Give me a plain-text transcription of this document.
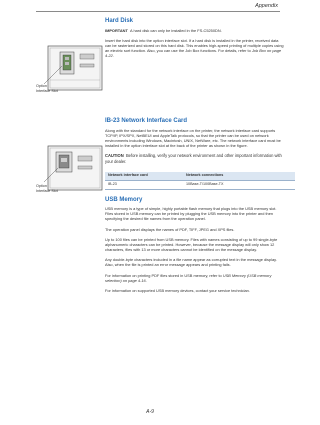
Appendix
Option
Interface Slot
Option
Interface Slot
Hard Disk

IMPORTANT A hard disk can only be installed in the FS-C5250DN.

Insert the hard disk into the option interface slot. If a hard disk is installed in the printer, received data can be rasterized and stored on this hard disk. This enables high-speed printing of multiple copies using an electric sort function. Also, you can use the Job Box functions. For details, refer to Job Box on page 4-22.

IB-23 Network Interface Card

Along with the standard for the network interface on the printer, the network interface card supports TCP/IP, IPX/SPX, NetBEUI and AppleTalk protocols, so that the printer can be used on network environments including Windows, Macintosh, UNIX, NetWare, etc. The network interface card must be installed in the option interface slot at the back of the printer as shown in the figure.

CAUTION Before installing, verify your network environment and other important information with your dealer.

Network interface card	Network connections
IB-23	10Base-T/100Base-TX
USB Memory

USB memory is a type of simple, highly portable flash memory that plugs into the USB memory slot. Files stored in USB memory can be printed by plugging the USB memory into the printer and then specifying the desired file names from the operation panel.

The operation panel displays the names of PDF, TIFF, JPEG and XPS files.

Up to 100 files can be printed from USB memory. Files with names consisting of up to 99 single-byte alphanumeric characters can be printed. However, because the message display will only show 12 characters, files with 13 or more characters cannot be identified on the message display.

Any double-byte characters included in a file name appear as corrupted text in the message display. Also, when the file is printed an error message appears and printing fails.

For information on printing PDF files stored in USB memory, refer to USB Memory (USB memory selection) on page 4-16.

For information on supported USB memory devices, contact your service technician.

A-9
